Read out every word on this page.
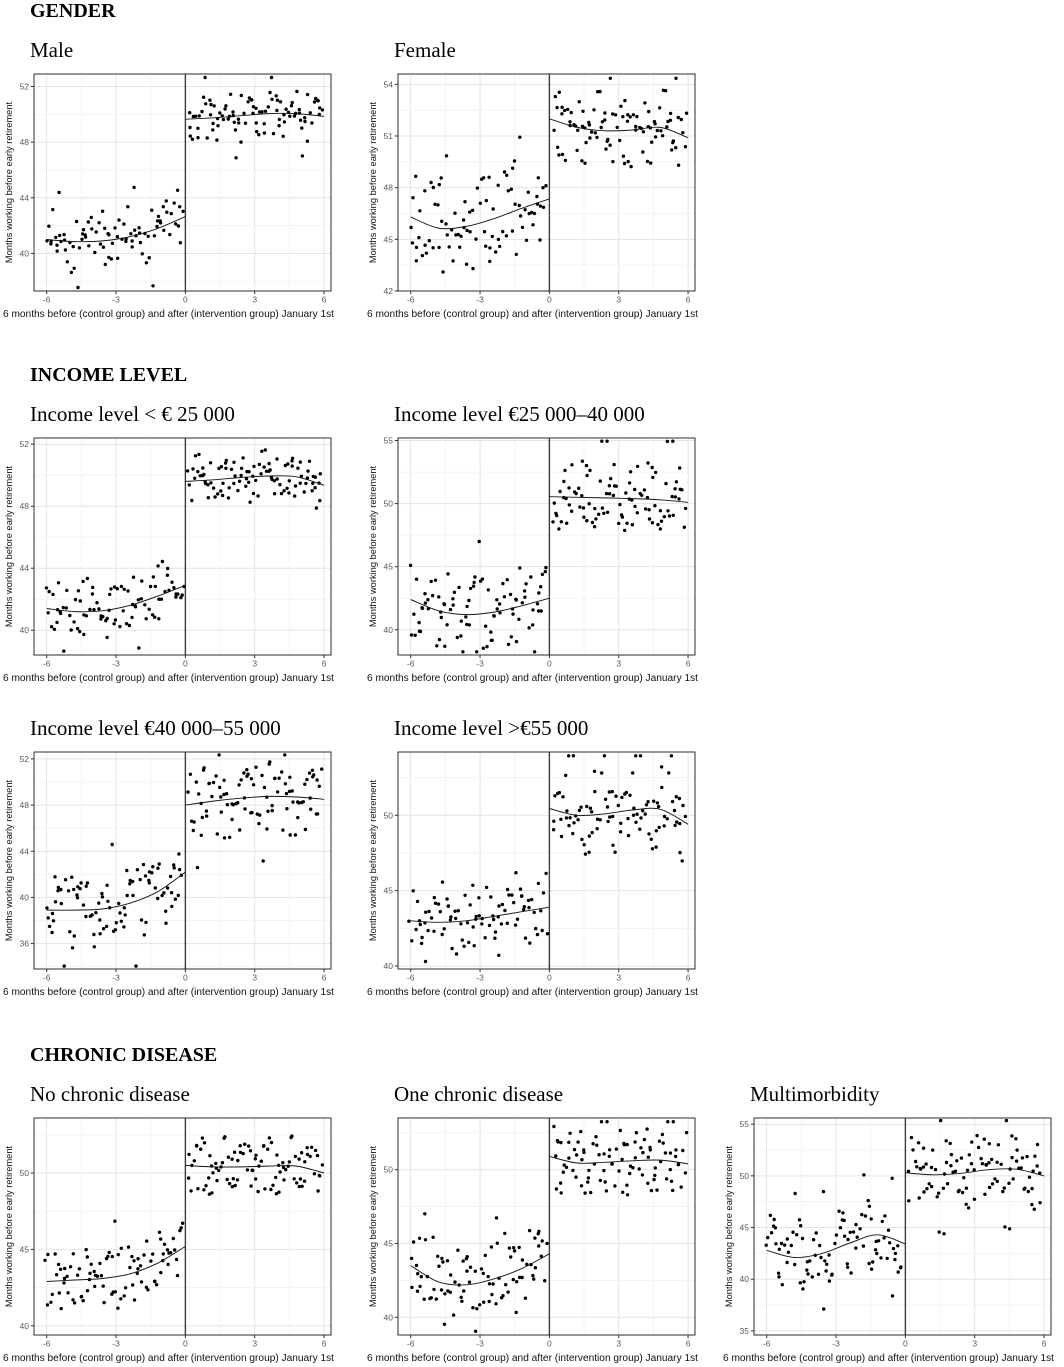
GENDER
Male
-6	-3	0	3	6
40
44
48
52
6 months before (control group) and after (intervention group) January 1st
Months working before early retirement
Female
-6	-3	0	3	6
42
45
48
51
54
6 months before (control group) and after (intervention group) January 1st
Months working before early retirement
INCOME LEVEL
Income level < € 25 000
-6	-3	0	3	6
40
44
48
52
6 months before (control group) and after (intervention group) January 1st
Months working before early retirement
Income level €25 000–40 000
-6	-3	0	3	6
40
45
50
55
6 months before (control group) and after (intervention group) January 1st
Months working before early retirement
Income level €40 000–55 000
-6	-3	0	3	6
36
40
44
48
52
6 months before (control group) and after (intervention group) January 1st
Months working before early retirement
Income level >€55 000
-6	-3	0	3	6
40
45
50
6 months before (control group) and after (intervention group) January 1st
Months working before early retirement
CHRONIC DISEASE
No chronic disease
-6	-3	0	3	6
40
45
50
6 months before (control group) and after (intervention group) January 1st
Months working before early retirement
One chronic disease
-6	-3	0	3	6
40
45
50
6 months before (control group) and after (intervention group) January 1st
Months working before early retirement
Multimorbidity
-6	-3	0	3	6
35
40
45
50
55
6 months before (control group) and after (intervention group) January 1st
Months working before early retirement
